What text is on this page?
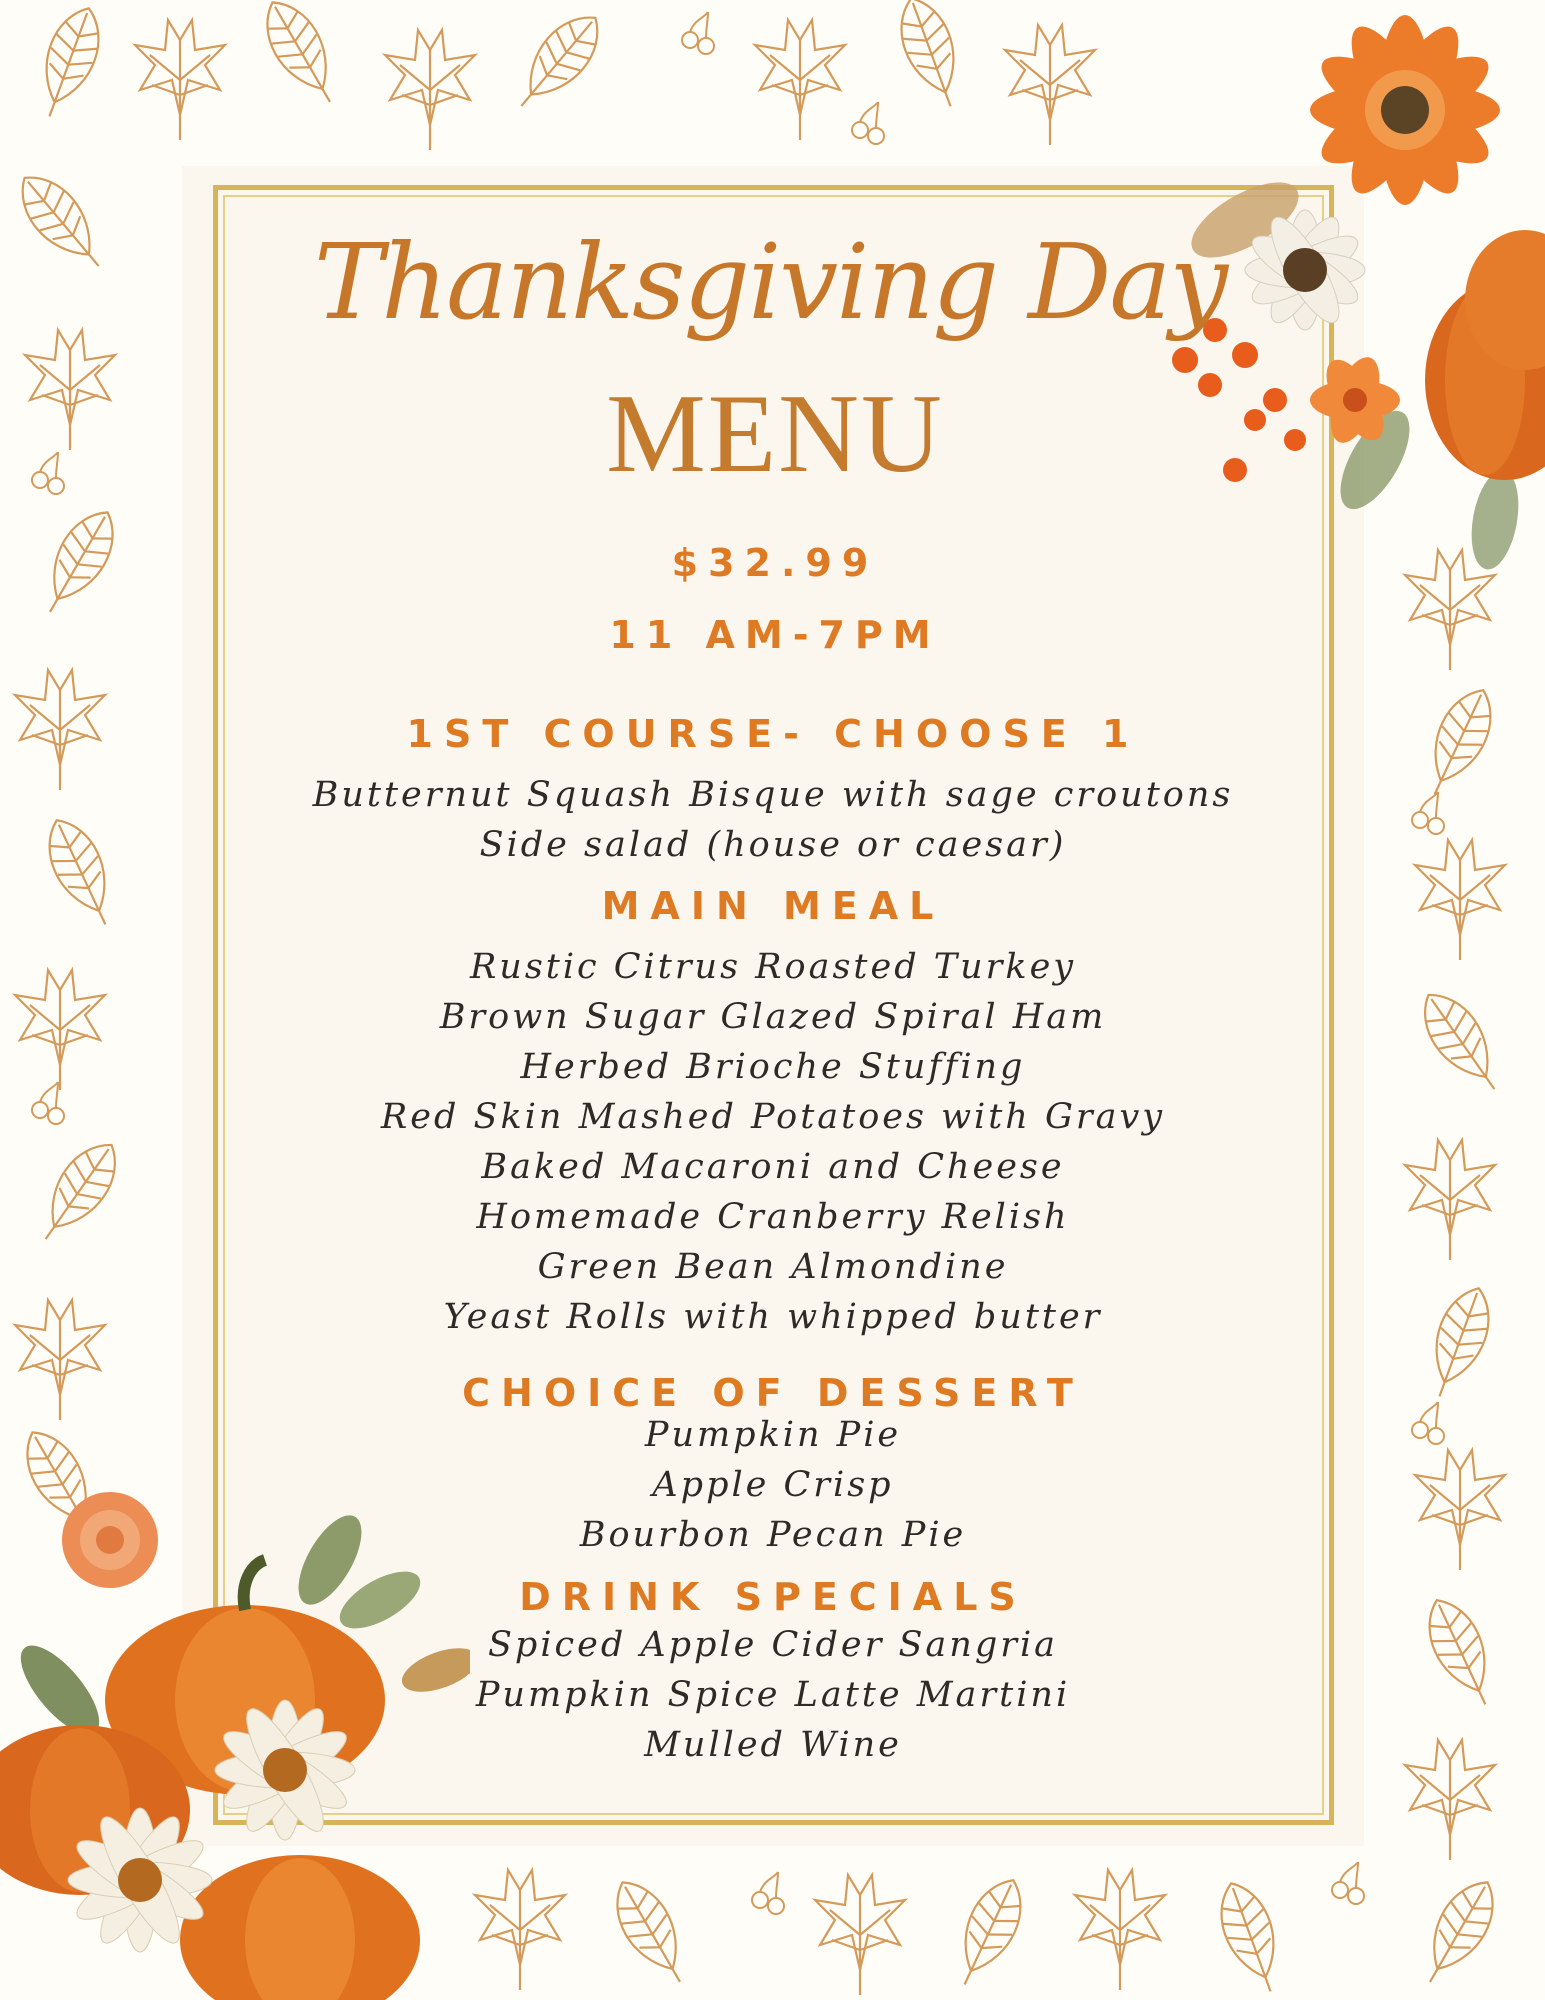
Thanksgiving Day
MENU
$32.99
11 AM-7PM
1ST COURSE- CHOOSE 1
Butternut Squash Bisque with sage croutons
Side salad (house or caesar)
MAIN MEAL
Rustic Citrus Roasted Turkey
Brown Sugar Glazed Spiral Ham
Herbed Brioche Stuffing
Red Skin Mashed Potatoes with Gravy
Baked Macaroni and Cheese
Homemade Cranberry Relish
Green Bean Almondine
Yeast Rolls with whipped butter
CHOICE OF DESSERT
Pumpkin Pie
Apple Crisp
Bourbon Pecan Pie
DRINK SPECIALS
Spiced Apple Cider Sangria
Pumpkin Spice Latte Martini
Mulled Wine
